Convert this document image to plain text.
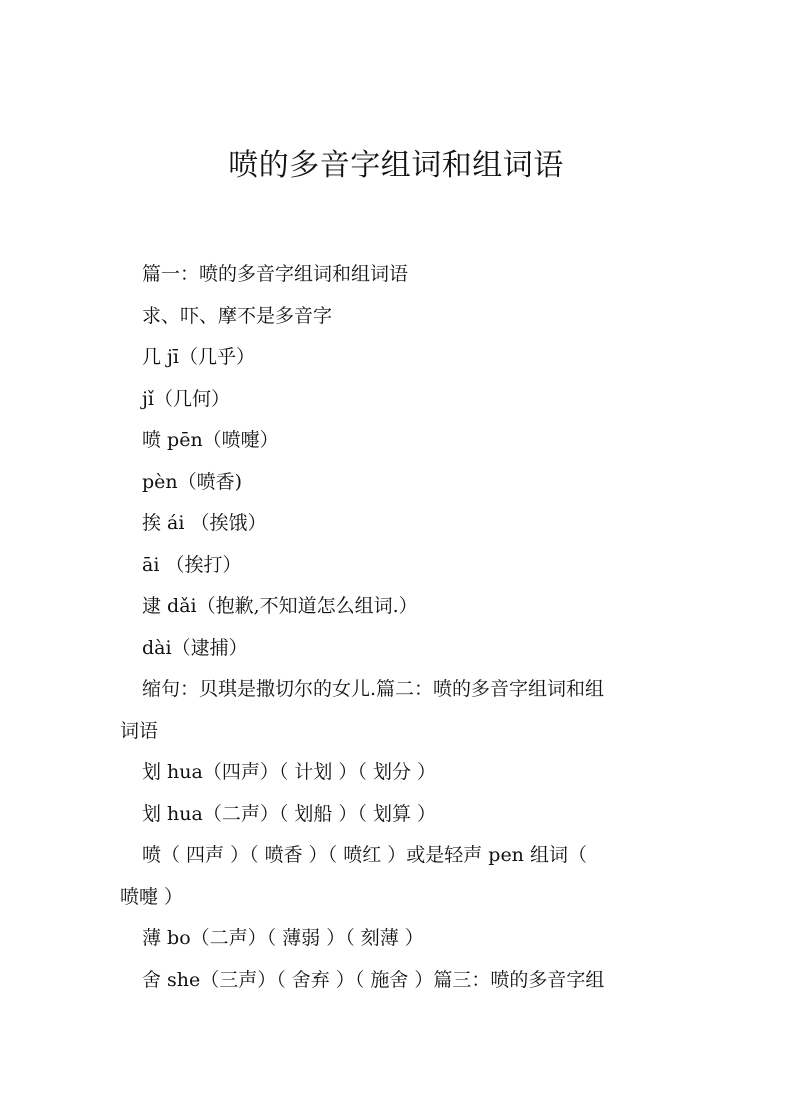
喷的多音字组词和组词语

篇一：喷的多音字组词和组词语

求、吓、摩不是多音字

几 jī（几乎）

jǐ（几何）

喷 pēn（喷嚏）

pèn（喷香)

挨 ái （挨饿）

āi （挨打）

逮 dǎi（抱歉,不知道怎么组词.）

dài（逮捕）

缩句：贝琪是撒切尔的女儿.篇二：喷的多音字组词和组

词语

划 hua（四声）（ 计划 ）（ 划分 ）

划 hua（二声）（ 划船 ）（ 划算 ）

喷（ 四声 ）（ 喷香 ）（ 喷红 ）或是轻声 pen 组词（

喷嚏 ）

薄 bo（二声）（ 薄弱 ）（ 刻薄 ）

舍 she（三声）（ 舍弃 ）（ 施舍 ）篇三：喷的多音字组
